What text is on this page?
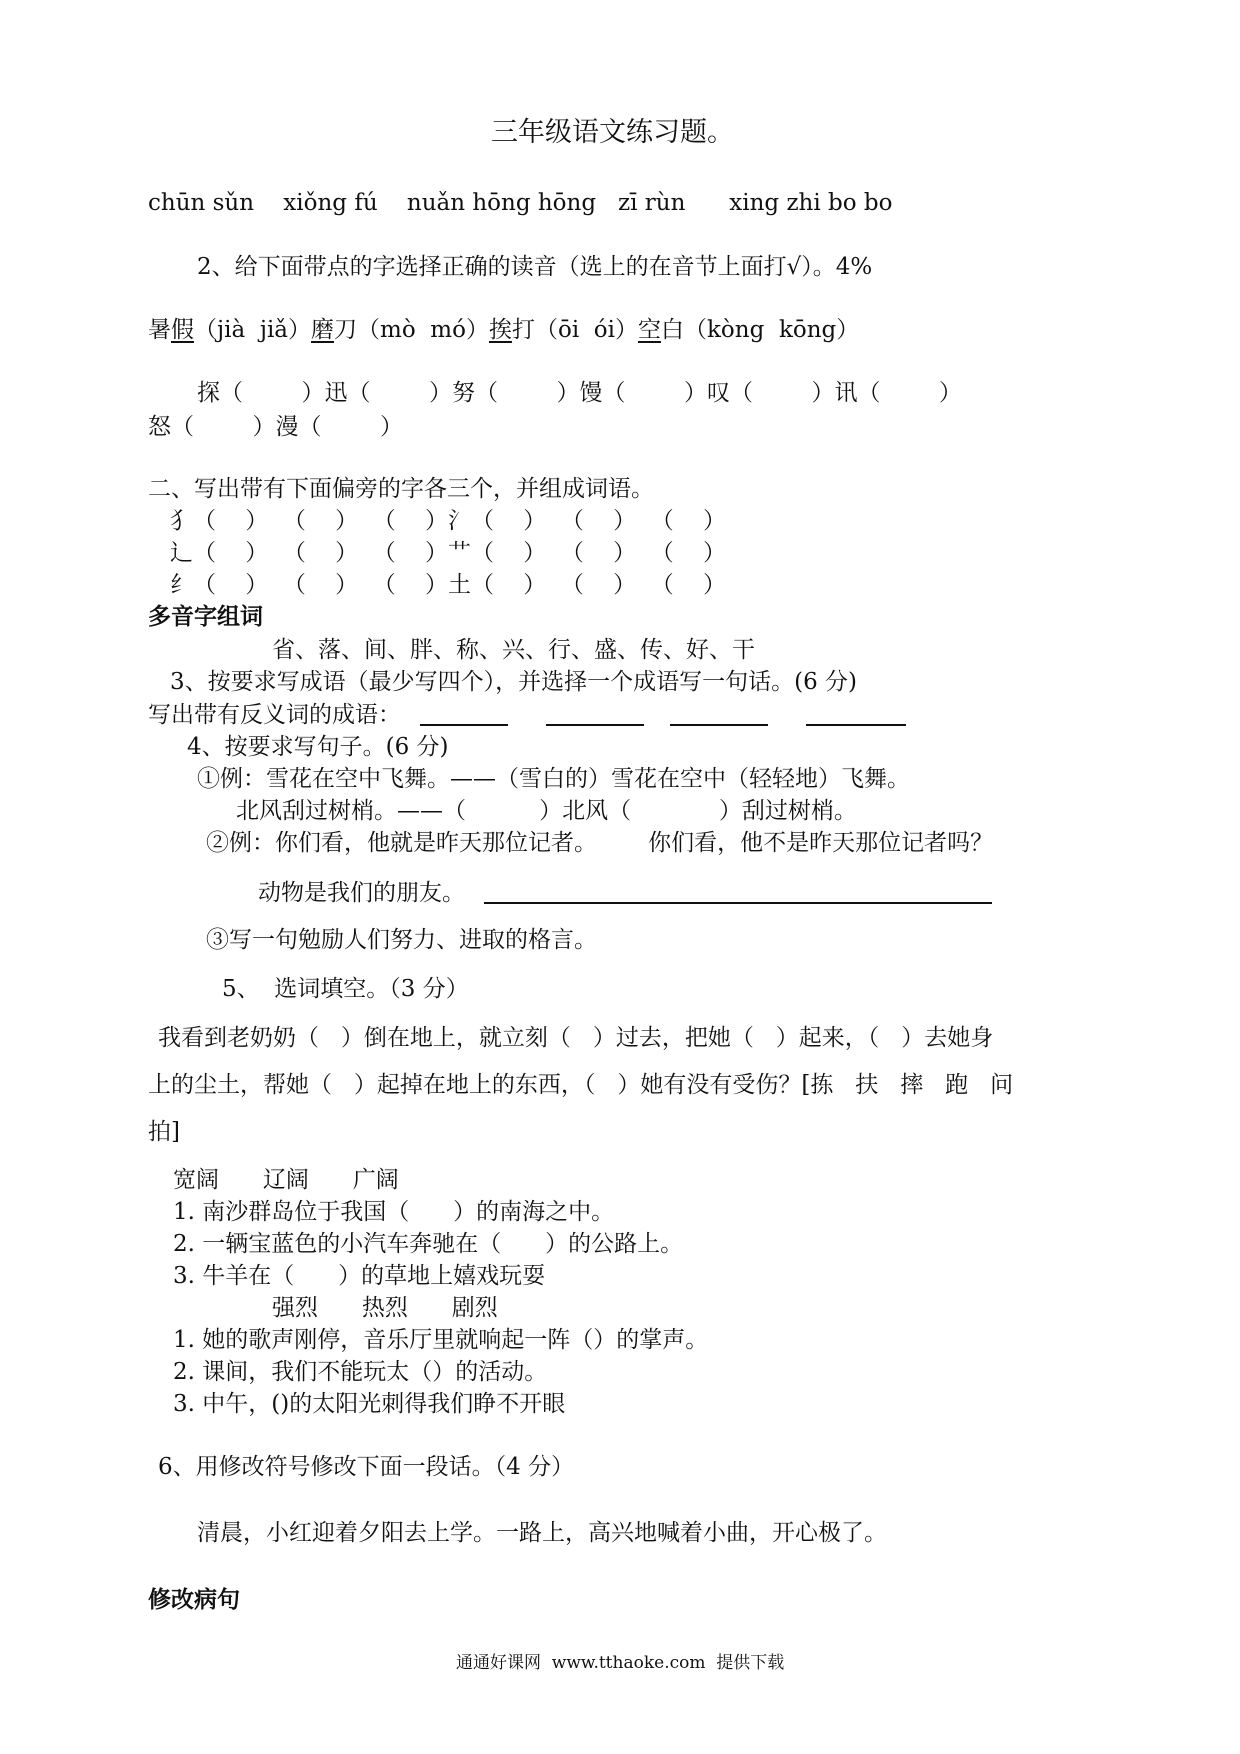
三年级语文练习题。
chūn sǔn    xiǒng fú    nuǎn hōng hōng   zī rùn      xing zhi bo bo
2、给下面带点的字选择正确的读音（选上的在音节上面打√）。4%
暑假（jià  jiǎ）磨刀（mò  mó）挨打（ōi  ói）空白（kòng  kōng）
探（        ）迅（        ）努（        ）馒（        ）叹（        ）讯（        ）
怒（        ）漫（        ）
二、写出带有下面偏旁的字各三个，并组成词语。
犭（    ）  （    ）  （    ）氵（    ）  （    ）  （    ）
辶（    ）  （    ）  （    ）艹（    ）  （    ）  （    ）
纟（    ）  （    ）  （    ）土（    ）  （    ）  （    ）
多音字组词
省、落、间、胖、称、兴、行、盛、传、好、干
3、按要求写成语（最少写四个），并选择一个成语写一句话。(6 分)
写出带有反义词的成语：
4、按要求写句子。(6 分)
①例：雪花在空中飞舞。——（雪白的）雪花在空中（轻轻地）飞舞。
北风刮过树梢。——（          ）北风（            ）刮过树梢。
②例：你们看，他就是昨天那位记者。       你们看，他不是昨天那位记者吗？
动物是我们的朋友。
③写一句勉励人们努力、进取的格言。
5、  选词填空。（3 分）
我看到老奶奶（   ）倒在地上，就立刻（   ）过去，把她（   ）起来，（   ）去她身
上的尘土，帮她（   ）起掉在地上的东西，（   ）她有没有受伤？[拣   扶   摔   跑   问
拍]
宽阔      辽阔      广阔
1. 南沙群岛位于我国（      ）的南海之中。
2. 一辆宝蓝色的小汽车奔驰在（      ）的公路上。
3. 牛羊在（      ）的草地上嬉戏玩耍
强烈      热烈      剧烈
1. 她的歌声刚停，音乐厅里就响起一阵（）的掌声。
2. 课间，我们不能玩太（）的活动。
3. 中午，()的太阳光刺得我们睁不开眼
6、用修改符号修改下面一段话。（4 分）
清晨，小红迎着夕阳去上学。一路上，高兴地喊着小曲，开心极了。
修改病句
通通好课网  www.tthaoke.com  提供下载
